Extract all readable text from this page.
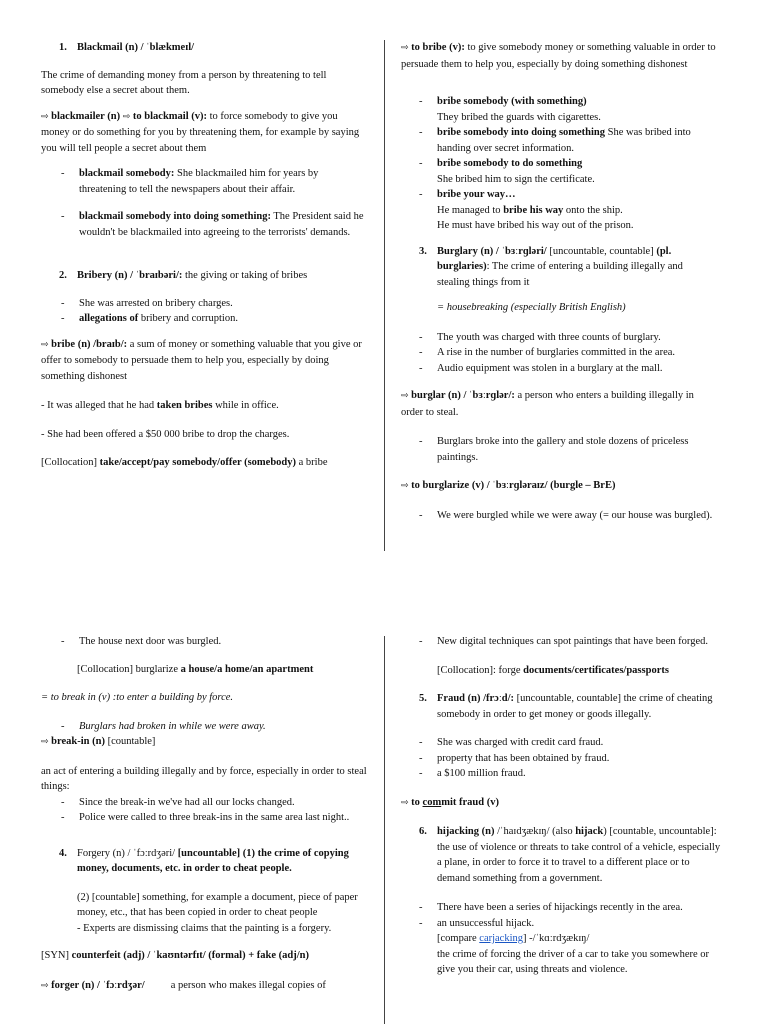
1. Blackmail (n) / ˈblækmeɪl/

The crime of demanding money from a person by threatening to tell somebody else a secret about them.

⇨ blackmailer (n) ⇨ to blackmail (v): to force somebody to give you money or do something for you by threatening them, for example by saying you will tell people a secret about them

- blackmail somebody: She blackmailed him for years by threatening to tell the newspapers about their affair.
- blackmail somebody into doing something: The President said he wouldn't be blackmailed into agreeing to the terrorists' demands.

2. Bribery (n) / ˈbraɪbəri/: the giving or taking of bribes

- She was arrested on bribery charges.
- allegations of bribery and corruption.

⇨ bribe (n) /braɪb/: a sum of money or something valuable that you give or offer to somebody to persuade them to help you, especially by doing something dishonest

- It was alleged that he had taken bribes while in office.

- She had been offered a $50 000 bribe to drop the charges.

[Collocation] take/accept/pay somebody/offer (somebody) a bribe

⇨ to bribe (v): to give somebody money or something valuable in order to persuade them to help you, especially by doing something dishonest

- bribe somebody (with something)
They bribed the guards with cigarettes.
- bribe somebody into doing something She was bribed into handing over secret information.
- bribe somebody to do something
She bribed him to sign the certificate.
- bribe your way…
He managed to bribe his way onto the ship.
He must have bribed his way out of the prison.

3. Burglary (n) / ˈbɜːrɡləri/ [uncountable, countable] (pl. burglaries): The crime of entering a building illegally and stealing things from it

= housebreaking (especially British English)

- The youth was charged with three counts of burglary.
- A rise in the number of burglaries committed in the area.
- Audio equipment was stolen in a burglary at the mall.

⇨ burglar (n) / ˈbɜːrɡlər/: a person who enters a building illegally in order to steal.

- Burglars broke into the gallery and stole dozens of priceless paintings.

⇨ to burglarize (v) / ˈbɜːrɡləraɪz/ (burgle – BrE)

- We were burgled while we were away (= our house was burgled).
- The house next door was burgled.

[Collocation] burglarize a house/a home/an apartment

= to break in (v) :to enter a building by force.

- Burglars had broken in while we were away.

⇨ break-in (n) [countable]

an act of entering a building illegally and by force, especially in order to steal things:

- Since the break-in we've had all our locks changed.
- Police were called to three break-ins in the same area last night..

4. Forgery (n) / ˈfɔːrdʒəri/ [uncountable] (1) the crime of copying money, documents, etc. in order to cheat people.

(2) [countable] something, for example a document, piece of paper money, etc., that has been copied in order to cheat people

- Experts are dismissing claims that the painting is a forgery.

[SYN] counterfeit (adj) / ˈkaʊntərfɪt/ (formal) + fake (adj/n)

⇨ forger (n) / ˈfɔːrdʒər/ a person who makes illegal copies of

- New digital techniques can spot paintings that have been forged.

[Collocation]: forge documents/certificates/passports

5. Fraud (n) /frɔːd/: [uncountable, countable] the crime of cheating somebody in order to get money or goods illegally.

- She was charged with credit card fraud.
- property that has been obtained by fraud.
- a $100 million fraud.

⇨ to commit fraud (v)

6. hijacking (n) /ˈhaɪdʒækɪŋ/ (also hijack) [countable, uncountable]: the use of violence or threats to take control of a vehicle, especially a plane, in order to force it to travel to a different place or to demand something from a government.

- There have been a series of hijackings recently in the area.
- an unsuccessful hijack.
[compare carjacking] -/ˈkɑːrdʒækɪŋ/
the crime of forcing the driver of a car to take you somewhere or give you their car, using threats and violence.
